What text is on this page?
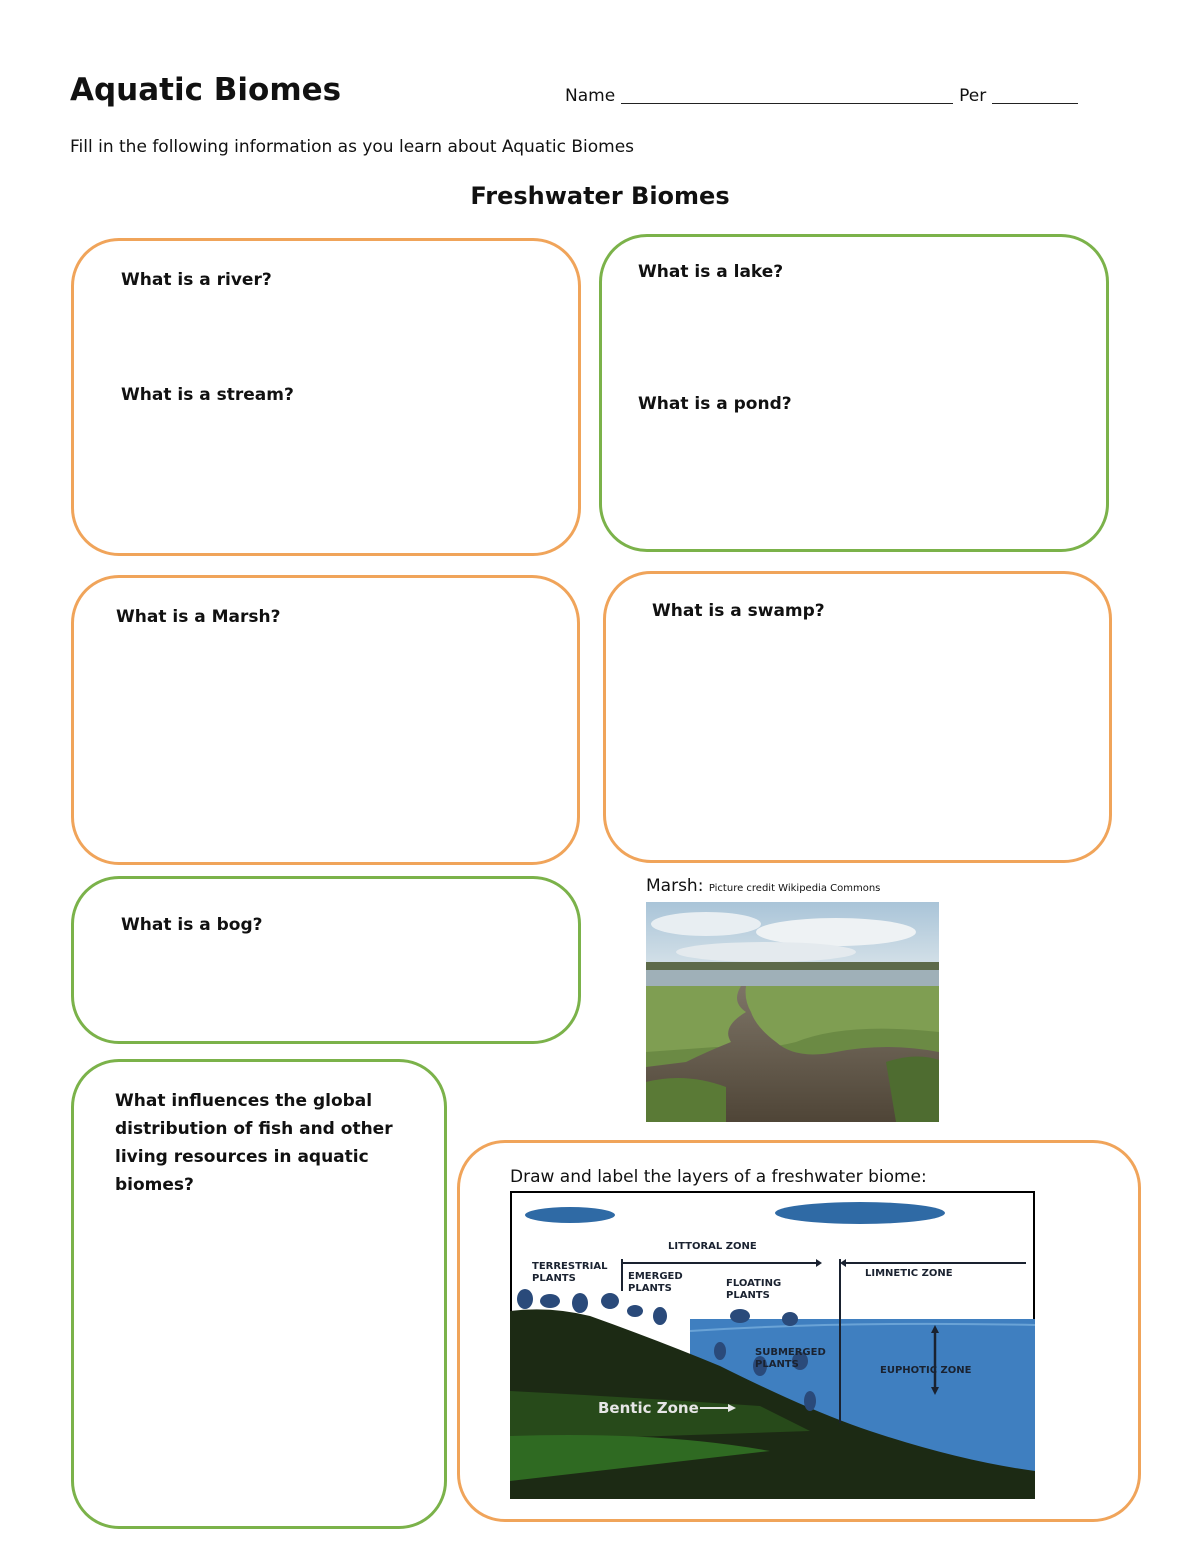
Aquatic Biomes	Name	Per
Fill in the following information as you learn about Aquatic Biomes
Freshwater Biomes
What is a river?
What is a stream?
What is a lake?
What is a pond?
What is a Marsh?	What is a swamp?
What is a bog?
What influences the global
distribution of fish and other
living resources in aquatic
biomes?
Marsh: Picture credit Wikipedia Commons
Draw and label the layers of a freshwater biome:
LITTORAL ZONE
LIMNETIC ZONE
TERRESTRIAL
PLANTS	EMERGED
PLANTS	FLOATING
PLANTS
SUBMERGED
PLANTS
EUPHOTIC ZONE
Bentic Zone
